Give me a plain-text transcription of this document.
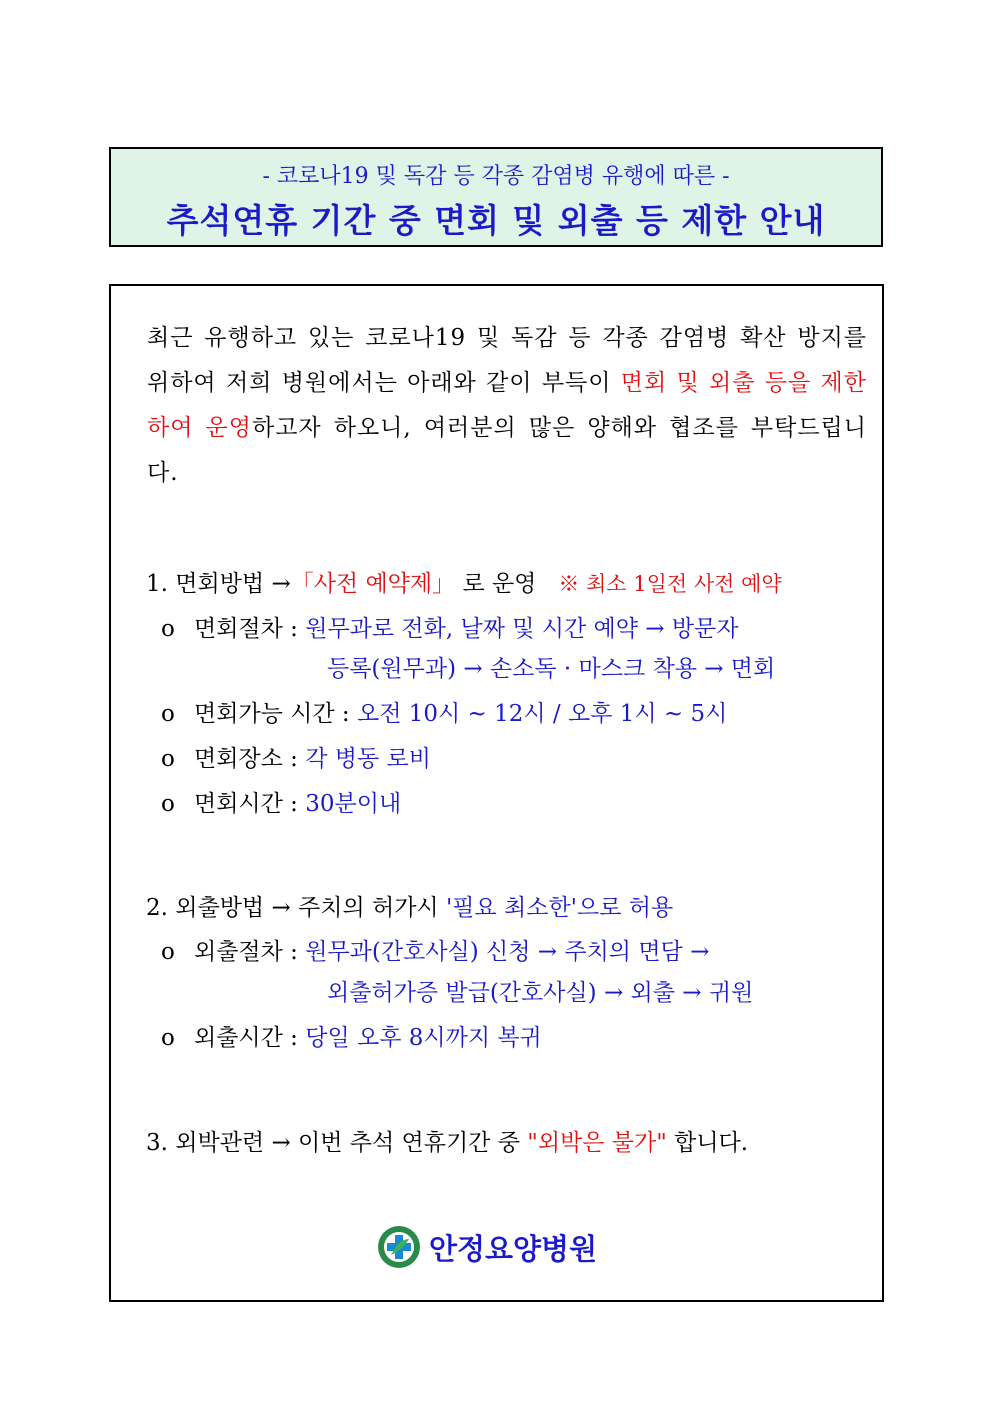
- 코로나19 및 독감 등 각종 감염병 유행에 따른 -
추석연휴 기간 중 면회 및 외출 등 제한 안내
최근 유행하고 있는 코로나19 및 독감 등 각종 감염병 확산 방지를 위하여 저희 병원에서는 아래와 같이 부득이 면회 및 외출 등을 제한하여 운영하고자 하오니, 여러분의 많은 양해와 협조를 부탁드립니다.
1. 면회방법 →「사전 예약제」 로 운영 ※ 최소 1일전 사전 예약
o 면회절차 : 원무과로 전화, 날짜 및 시간 예약 → 방문자
등록(원무과) → 손소독 · 마스크 착용 → 면회
o 면회가능 시간 : 오전 10시 ~ 12시 / 오후 1시 ~ 5시
o 면회장소 : 각 병동 로비
o 면회시간 : 30분이내
2. 외출방법 → 주치의 허가시 '필요 최소한'으로 허용
o 외출절차 : 원무과(간호사실) 신청 → 주치의 면담 →
외출허가증 발급(간호사실) → 외출 → 귀원
o 외출시간 : 당일 오후 8시까지 복귀
3. 외박관련 → 이번 추석 연휴기간 중 "외박은 불가" 합니다.
안정요양병원
